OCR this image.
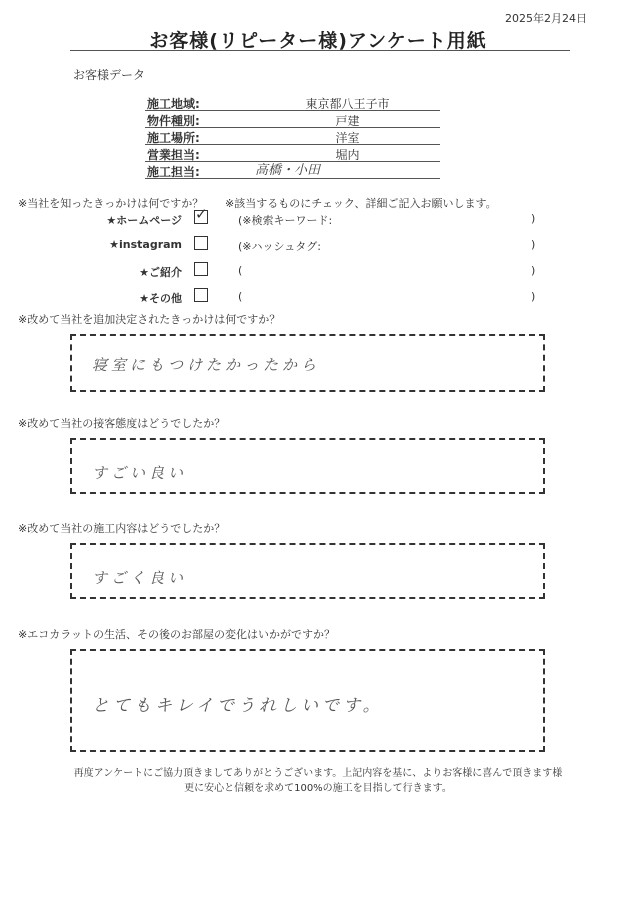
2025年2月24日
お客様(リピーター様)アンケート用紙
お客様データ
施工地域:	東京都八王子市
物件種別:	戸建
施工場所:	洋室
営業担当:	堀内
施工担当:	高橋・小田
※当社を知ったきっかけは何ですか？ ※該当するものにチェック、詳細ご記入お願いします。
★ホームページ ✓	(※検索キーワード:	)
★instagram	(※ハッシュタグ:	)
★ご紹介	(	)
★その他	(	)
※改めて当社を追加決定されたきっかけは何ですか？
寝室にもつけたかったから
※改めて当社の接客態度はどうでしたか？
すごい良い
※改めて当社の施工内容はどうでしたか？
すごく良い
※エコカラットの生活、その後のお部屋の変化はいかがですか？
とてもキレイでうれしいです。
再度アンケートにご協力頂きましてありがとうございます。上記内容を基に、よりお客様に喜んで頂きます様
更に安心と信頼を求めて100%の施工を目指して行きます。
